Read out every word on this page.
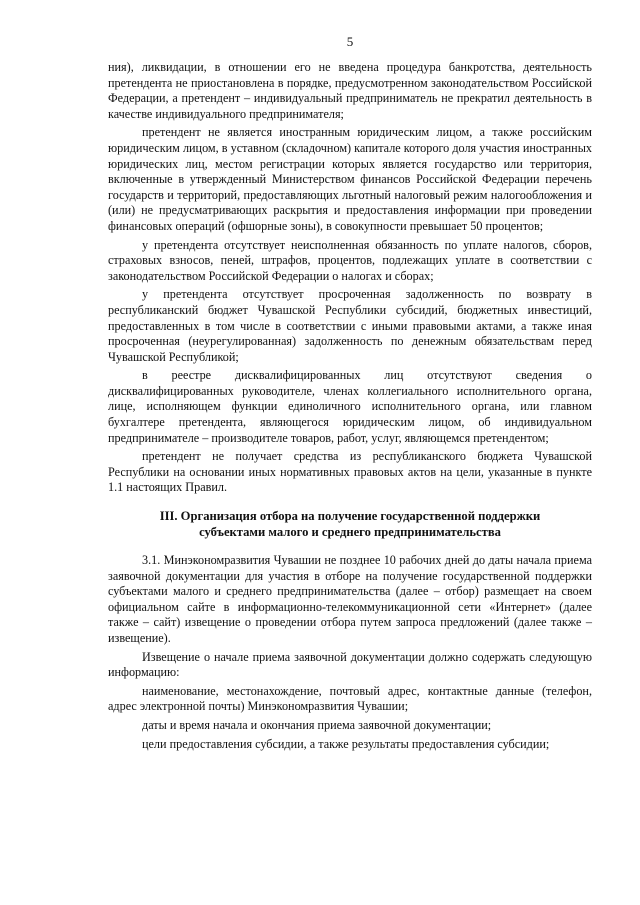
5

ния), ликвидации, в отношении его не введена процедура банкротства, деятельность претендента не приостановлена в порядке, предусмотренном законодательством Российской Федерации, а претендент – индивидуальный предприниматель не прекратил деятельность в качестве индивидуального предпринимателя;

претендент не является иностранным юридическим лицом, а также российским юридическим лицом, в уставном (складочном) капитале которого доля участия иностранных юридических лиц, местом регистрации которых является государство или территория, включенные в утвержденный Министерством финансов Российской Федерации перечень государств и территорий, предоставляющих льготный налоговый режим налогообложения и (или) не предусматривающих раскрытия и предоставления информации при проведении финансовых операций (офшорные зоны), в совокупности превышает 50 процентов;

у претендента отсутствует неисполненная обязанность по уплате налогов, сборов, страховых взносов, пеней, штрафов, процентов, подлежащих уплате в соответствии с законодательством Российской Федерации о налогах и сборах;

у претендента отсутствует просроченная задолженность по возврату в республиканский бюджет Чувашской Республики субсидий, бюджетных инвестиций, предоставленных в том числе в соответствии с иными правовыми актами, а также иная просроченная (неурегулированная) задолженность по денежным обязательствам перед Чувашской Республикой;

в реестре дисквалифицированных лиц отсутствуют сведения о дисквалифицированных руководителе, членах коллегиального исполнительного органа, лице, исполняющем функции единоличного исполнительного органа, или главном бухгалтере претендента, являющегося юридическим лицом, об индивидуальном предпринимателе – производителе товаров, работ, услуг, являющемся претендентом;

претендент не получает средства из республиканского бюджета Чувашской Республики на основании иных нормативных правовых актов на цели, указанные в пункте 1.1 настоящих Правил.

III. Организация отбора на получение государственной поддержки
субъектами малого и среднего предпринимательства

3.1. Минэкономразвития Чувашии не позднее 10 рабочих дней до даты начала приема заявочной документации для участия в отборе на получение государственной поддержки субъектами малого и среднего предпринимательства (далее – отбор) размещает на своем официальном сайте в информационно-телекоммуникационной сети «Интернет» (далее также – сайт) извещение о проведении отбора путем запроса предложений (далее также – извещение).

Извещение о начале приема заявочной документации должно содержать следующую информацию:

наименование, местонахождение, почтовый адрес, контактные данные (телефон, адрес электронной почты) Минэкономразвития Чувашии;

даты и время начала и окончания приема заявочной документации;

цели предоставления субсидии, а также результаты предоставления субсидии;
